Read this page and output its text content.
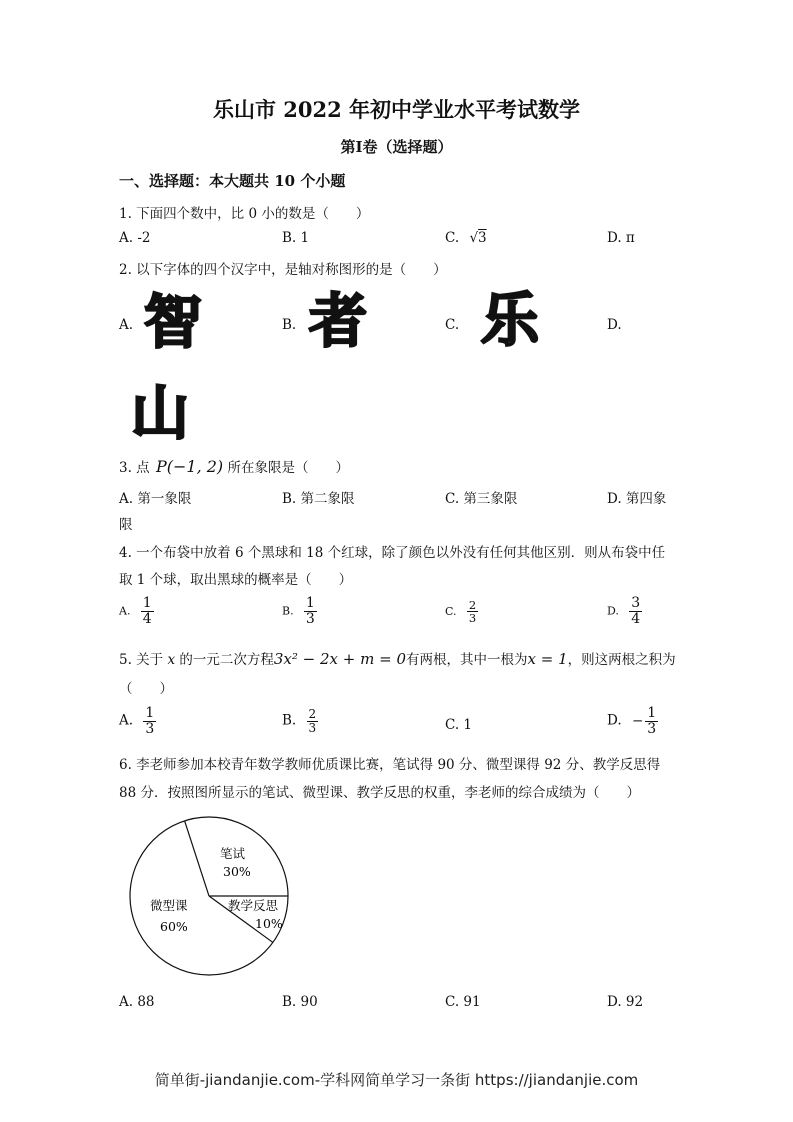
乐山市 2022 年初中学业水平考试数学
第Ⅰ卷（选择题）
一、选择题：本大题共 10 个小题
1. 下面四个数中，比 0 小的数是（　　）
A. -2	B. 1	C. √3	D. π
2. 以下字体的四个汉字中，是轴对称图形的是（　　）
A. 智	B. 者	C. 乐	D.
山
3. 点 P(−1, 2) 所在象限是（　　）
A. 第一象限	B. 第二象限	C. 第三象限	D. 第四象
限
4. 一个布袋中放着 6 个黑球和 18 个红球，除了颜色以外没有任何其他区别．则从布袋中任
取 1 个球，取出黑球的概率是（　　）
A. $\frac{1}{4}$	B. $\frac{1}{3}$	C. $\frac{2}{3}$	D. $\frac{3}{4}$
5. 关于 x 的一元二次方程3x² − 2x + m = 0有两根，其中一根为x = 1，则这两根之积为
（　　）
A. $\frac{1}{3}$	B. $\frac{2}{3}$	C. 1	D. − $\frac{1}{3}$
6. 李老师参加本校青年数学教师优质课比赛，笔试得 90 分、微型课得 92 分、教学反思得
88 分．按照图所显示的笔试、微型课、教学反思的权重，李老师的综合成绩为（　　）
笔试
30%
微型课
60%
教学反思
10%
A. 88	B. 90	C. 91	D. 92
简单街-jiandanjie.com-学科网简单学习一条街 https://jiandanjie.com
